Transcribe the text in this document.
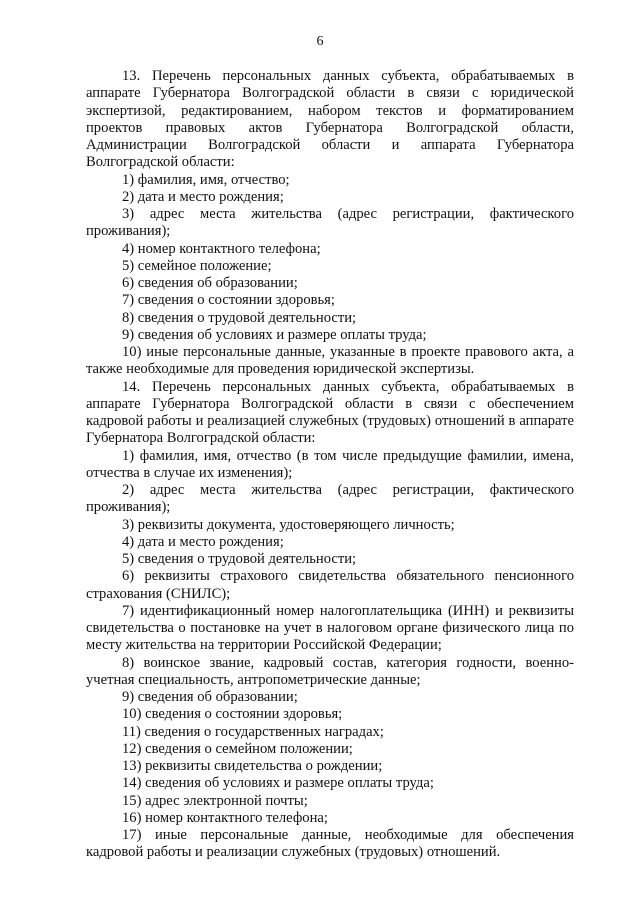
6

13. Перечень персональных данных субъекта, обрабатываемых в аппарате Губернатора Волгоградской области в связи с юридической экспертизой, редактированием, набором текстов и форматированием проектов правовых актов Губернатора Волгоградской области, Администрации Волгоградской области и аппарата Губернатора Волгоградской области:

1) фамилия, имя, отчество;

2) дата и место рождения;

3) адрес места жительства (адрес регистрации, фактического проживания);

4) номер контактного телефона;

5) семейное положение;

6) сведения об образовании;

7) сведения о состоянии здоровья;

8) сведения о трудовой деятельности;

9) сведения об условиях и размере оплаты труда;

10) иные персональные данные, указанные в проекте правового акта, а также необходимые для проведения юридической экспертизы.

14. Перечень персональных данных субъекта, обрабатываемых в аппарате Губернатора Волгоградской области в связи с обеспечением кадровой работы и реализацией служебных (трудовых) отношений в аппарате Губернатора Волгоградской области:

1) фамилия, имя, отчество (в том числе предыдущие фамилии, имена, отчества в случае их изменения);

2) адрес места жительства (адрес регистрации, фактического проживания);

3) реквизиты документа, удостоверяющего личность;

4) дата и место рождения;

5) сведения о трудовой деятельности;

6) реквизиты страхового свидетельства обязательного пенсионного страхования (СНИЛС);

7) идентификационный номер налогоплательщика (ИНН) и реквизиты свидетельства о постановке на учет в налоговом органе физического лица по месту жительства на территории Российской Федерации;

8) воинское звание, кадровый состав, категория годности, военно-учетная специальность, антропометрические данные;

9) сведения об образовании;

10) сведения о состоянии здоровья;

11) сведения о государственных наградах;

12) сведения о семейном положении;

13) реквизиты свидетельства о рождении;

14) сведения об условиях и размере оплаты труда;

15) адрес электронной почты;

16) номер контактного телефона;

17) иные персональные данные, необходимые для обеспечения кадровой работы и реализации служебных (трудовых) отношений.
